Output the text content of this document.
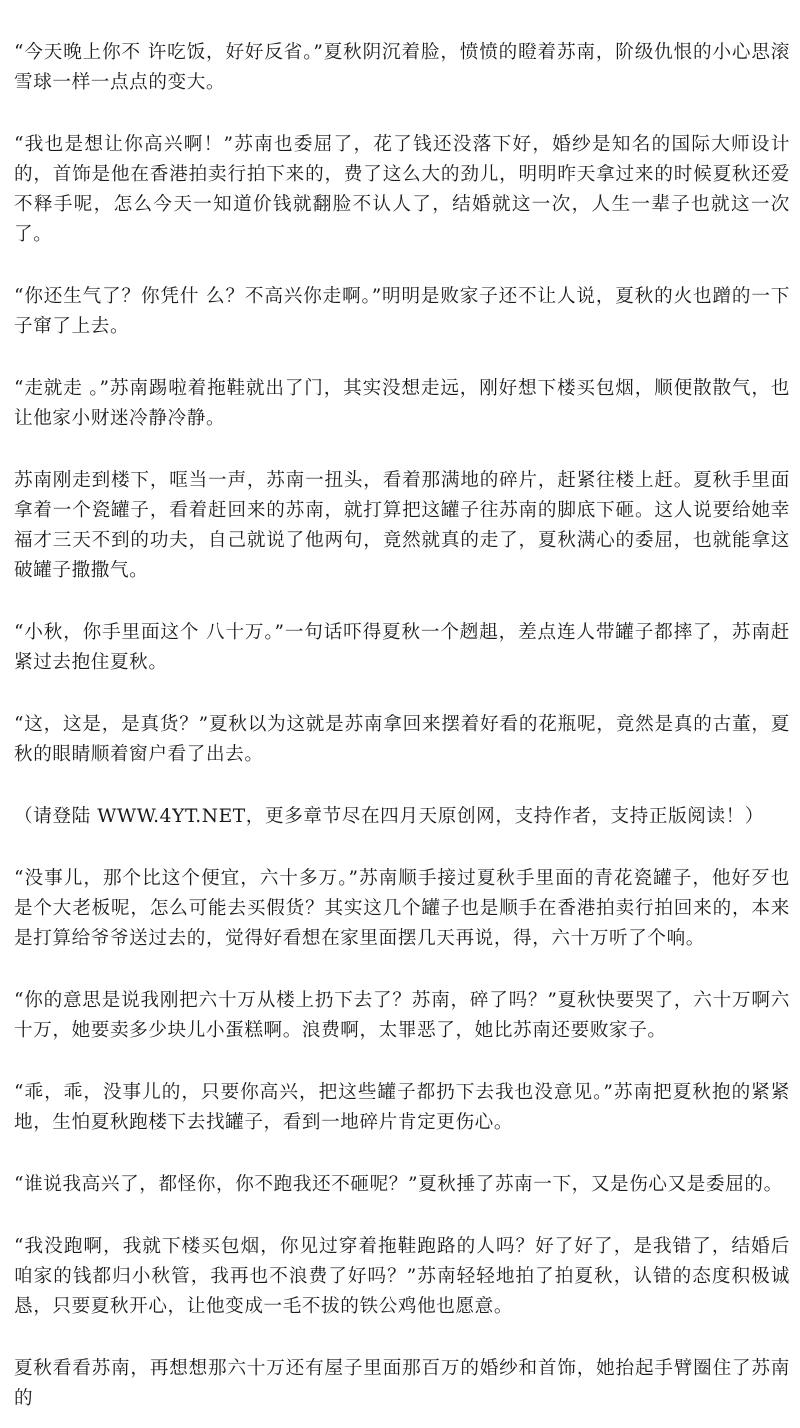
“今天晚上你不 许吃饭，好好反省。”夏秋阴沉着脸，愤愤的瞪着苏南，阶级仇恨的小心思滚雪球一样一点点的变大。

“我也是想让你高兴啊！”苏南也委屈了，花了钱还没落下好，婚纱是知名的国际大师设计的，首饰是他在香港拍卖行拍下来的，费了这么大的劲儿，明明昨天拿过来的时候夏秋还爱不释手呢，怎么今天一知道价钱就翻脸不认人了，结婚就这一次，人生一辈子也就这一次了。

“你还生气了？你凭什 么？不高兴你走啊。”明明是败家子还不让人说，夏秋的火也蹭的一下子窜了上去。

“走就走 。”苏南踢啦着拖鞋就出了门，其实没想走远，刚好想下楼买包烟，顺便散散气，也让他家小财迷冷静冷静。

苏南刚走到楼下，哐当一声，苏南一扭头，看着那满地的碎片，赶紧往楼上赶。夏秋手里面拿着一个瓷罐子，看着赶回来的苏南，就打算把这罐子往苏南的脚底下砸。这人说要给她幸福才三天不到的功夫，自己就说了他两句，竟然就真的走了，夏秋满心的委屈，也就能拿这破罐子撒撒气。

“小秋，你手里面这个 八十万。”一句话吓得夏秋一个趔趄，差点连人带罐子都摔了，苏南赶紧过去抱住夏秋。

“这，这是，是真货？”夏秋以为这就是苏南拿回来摆着好看的花瓶呢，竟然是真的古董，夏秋的眼睛顺着窗户看了出去。

（请登陆 WWW.4YT.NET，更多章节尽在四月天原创网，支持作者，支持正版阅读！）

“没事儿，那个比这个便宜，六十多万。”苏南顺手接过夏秋手里面的青花瓷罐子，他好歹也是个大老板呢，怎么可能去买假货？其实这几个罐子也是顺手在香港拍卖行拍回来的，本来是打算给爷爷送过去的，觉得好看想在家里面摆几天再说，得，六十万听了个响。

“你的意思是说我刚把六十万从楼上扔下去了？苏南，碎了吗？”夏秋快要哭了，六十万啊六十万，她要卖多少块儿小蛋糕啊。浪费啊，太罪恶了，她比苏南还要败家子。

“乖，乖，没事儿的，只要你高兴，把这些罐子都扔下去我也没意见。”苏南把夏秋抱的紧紧地，生怕夏秋跑楼下去找罐子，看到一地碎片肯定更伤心。

“谁说我高兴了，都怪你，你不跑我还不砸呢？”夏秋捶了苏南一下，又是伤心又是委屈的。

“我没跑啊，我就下楼买包烟，你见过穿着拖鞋跑路的人吗？好了好了，是我错了，结婚后咱家的钱都归小秋管，我再也不浪费了好吗？”苏南轻轻地拍了拍夏秋，认错的态度积极诚恳，只要夏秋开心，让他变成一毛不拔的铁公鸡他也愿意。

夏秋看看苏南，再想想那六十万还有屋子里面那百万的婚纱和首饰，她抬起手臂圈住了苏南的
